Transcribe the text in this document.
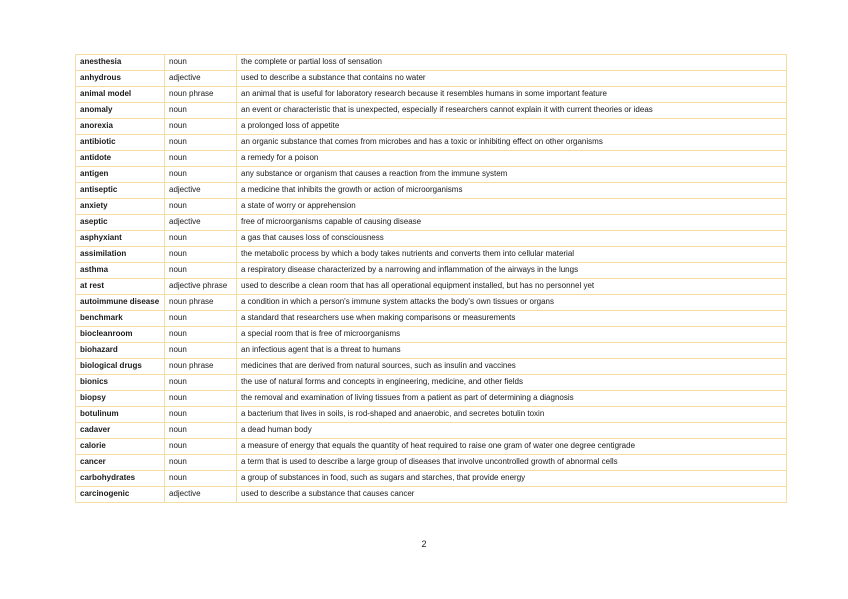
anesthesia	noun	the complete or partial loss of sensation
anhydrous	adjective	used to describe a substance that contains no water
animal model	noun phrase	an animal that is useful for laboratory research because it resembles humans in some important feature
anomaly	noun	an event or characteristic that is unexpected, especially if researchers cannot explain it with current theories or ideas
anorexia	noun	a prolonged loss of appetite
antibiotic	noun	an organic substance that comes from microbes and has a toxic or inhibiting effect on other organisms
antidote	noun	a remedy for a poison
antigen	noun	any substance or organism that causes a reaction from the immune system
antiseptic	adjective	a medicine that inhibits the growth or action of microorganisms
anxiety	noun	a state of worry or apprehension
aseptic	adjective	free of microorganisms capable of causing disease
asphyxiant	noun	a gas that causes loss of consciousness
assimilation	noun	the metabolic process by which a body takes nutrients and converts them into cellular material
asthma	noun	a respiratory disease characterized by a narrowing and inflammation of the airways in the lungs
at rest	adjective phrase	used to describe a clean room that has all operational equipment installed, but has no personnel yet
autoimmune disease	noun phrase	a condition in which a person's immune system attacks the body's own tissues or organs
benchmark	noun	a standard that researchers use when making comparisons or measurements
biocleanroom	noun	a special room that is free of microorganisms
biohazard	noun	an infectious agent that is a threat to humans
biological drugs	noun phrase	medicines that are derived from natural sources, such as insulin and vaccines
bionics	noun	the use of natural forms and concepts in engineering, medicine, and other fields
biopsy	noun	the removal and examination of living tissues from a patient as part of determining a diagnosis
botulinum	noun	a bacterium that lives in soils, is rod-shaped and anaerobic, and secretes botulin toxin
cadaver	noun	a dead human body
calorie	noun	a measure of energy that equals the quantity of heat required to raise one gram of water one degree centigrade
cancer	noun	a term that is used to describe a large group of diseases that involve uncontrolled growth of abnormal cells
carbohydrates	noun	a group of substances in food, such as sugars and starches, that provide energy
carcinogenic	adjective	used to describe a substance that causes cancer
2
